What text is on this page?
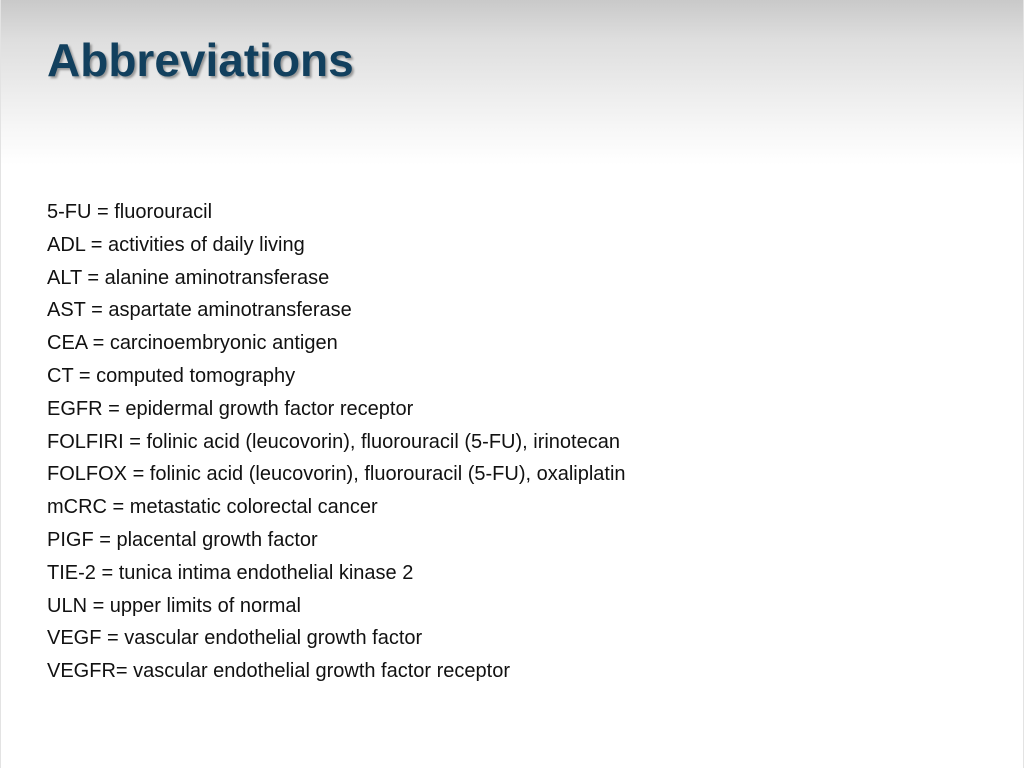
Abbreviations
5-FU = fluorouracil
ADL = activities of daily living
ALT = alanine aminotransferase
AST = aspartate aminotransferase
CEA = carcinoembryonic antigen
CT = computed tomography
EGFR = epidermal growth factor receptor
FOLFIRI = folinic acid (leucovorin), fluorouracil (5-FU), irinotecan
FOLFOX = folinic acid (leucovorin), fluorouracil (5-FU), oxaliplatin
mCRC = metastatic colorectal cancer
PIGF = placental growth factor
TIE-2 = tunica intima endothelial kinase 2
ULN = upper limits of normal
VEGF = vascular endothelial growth factor
VEGFR= vascular endothelial growth factor receptor
